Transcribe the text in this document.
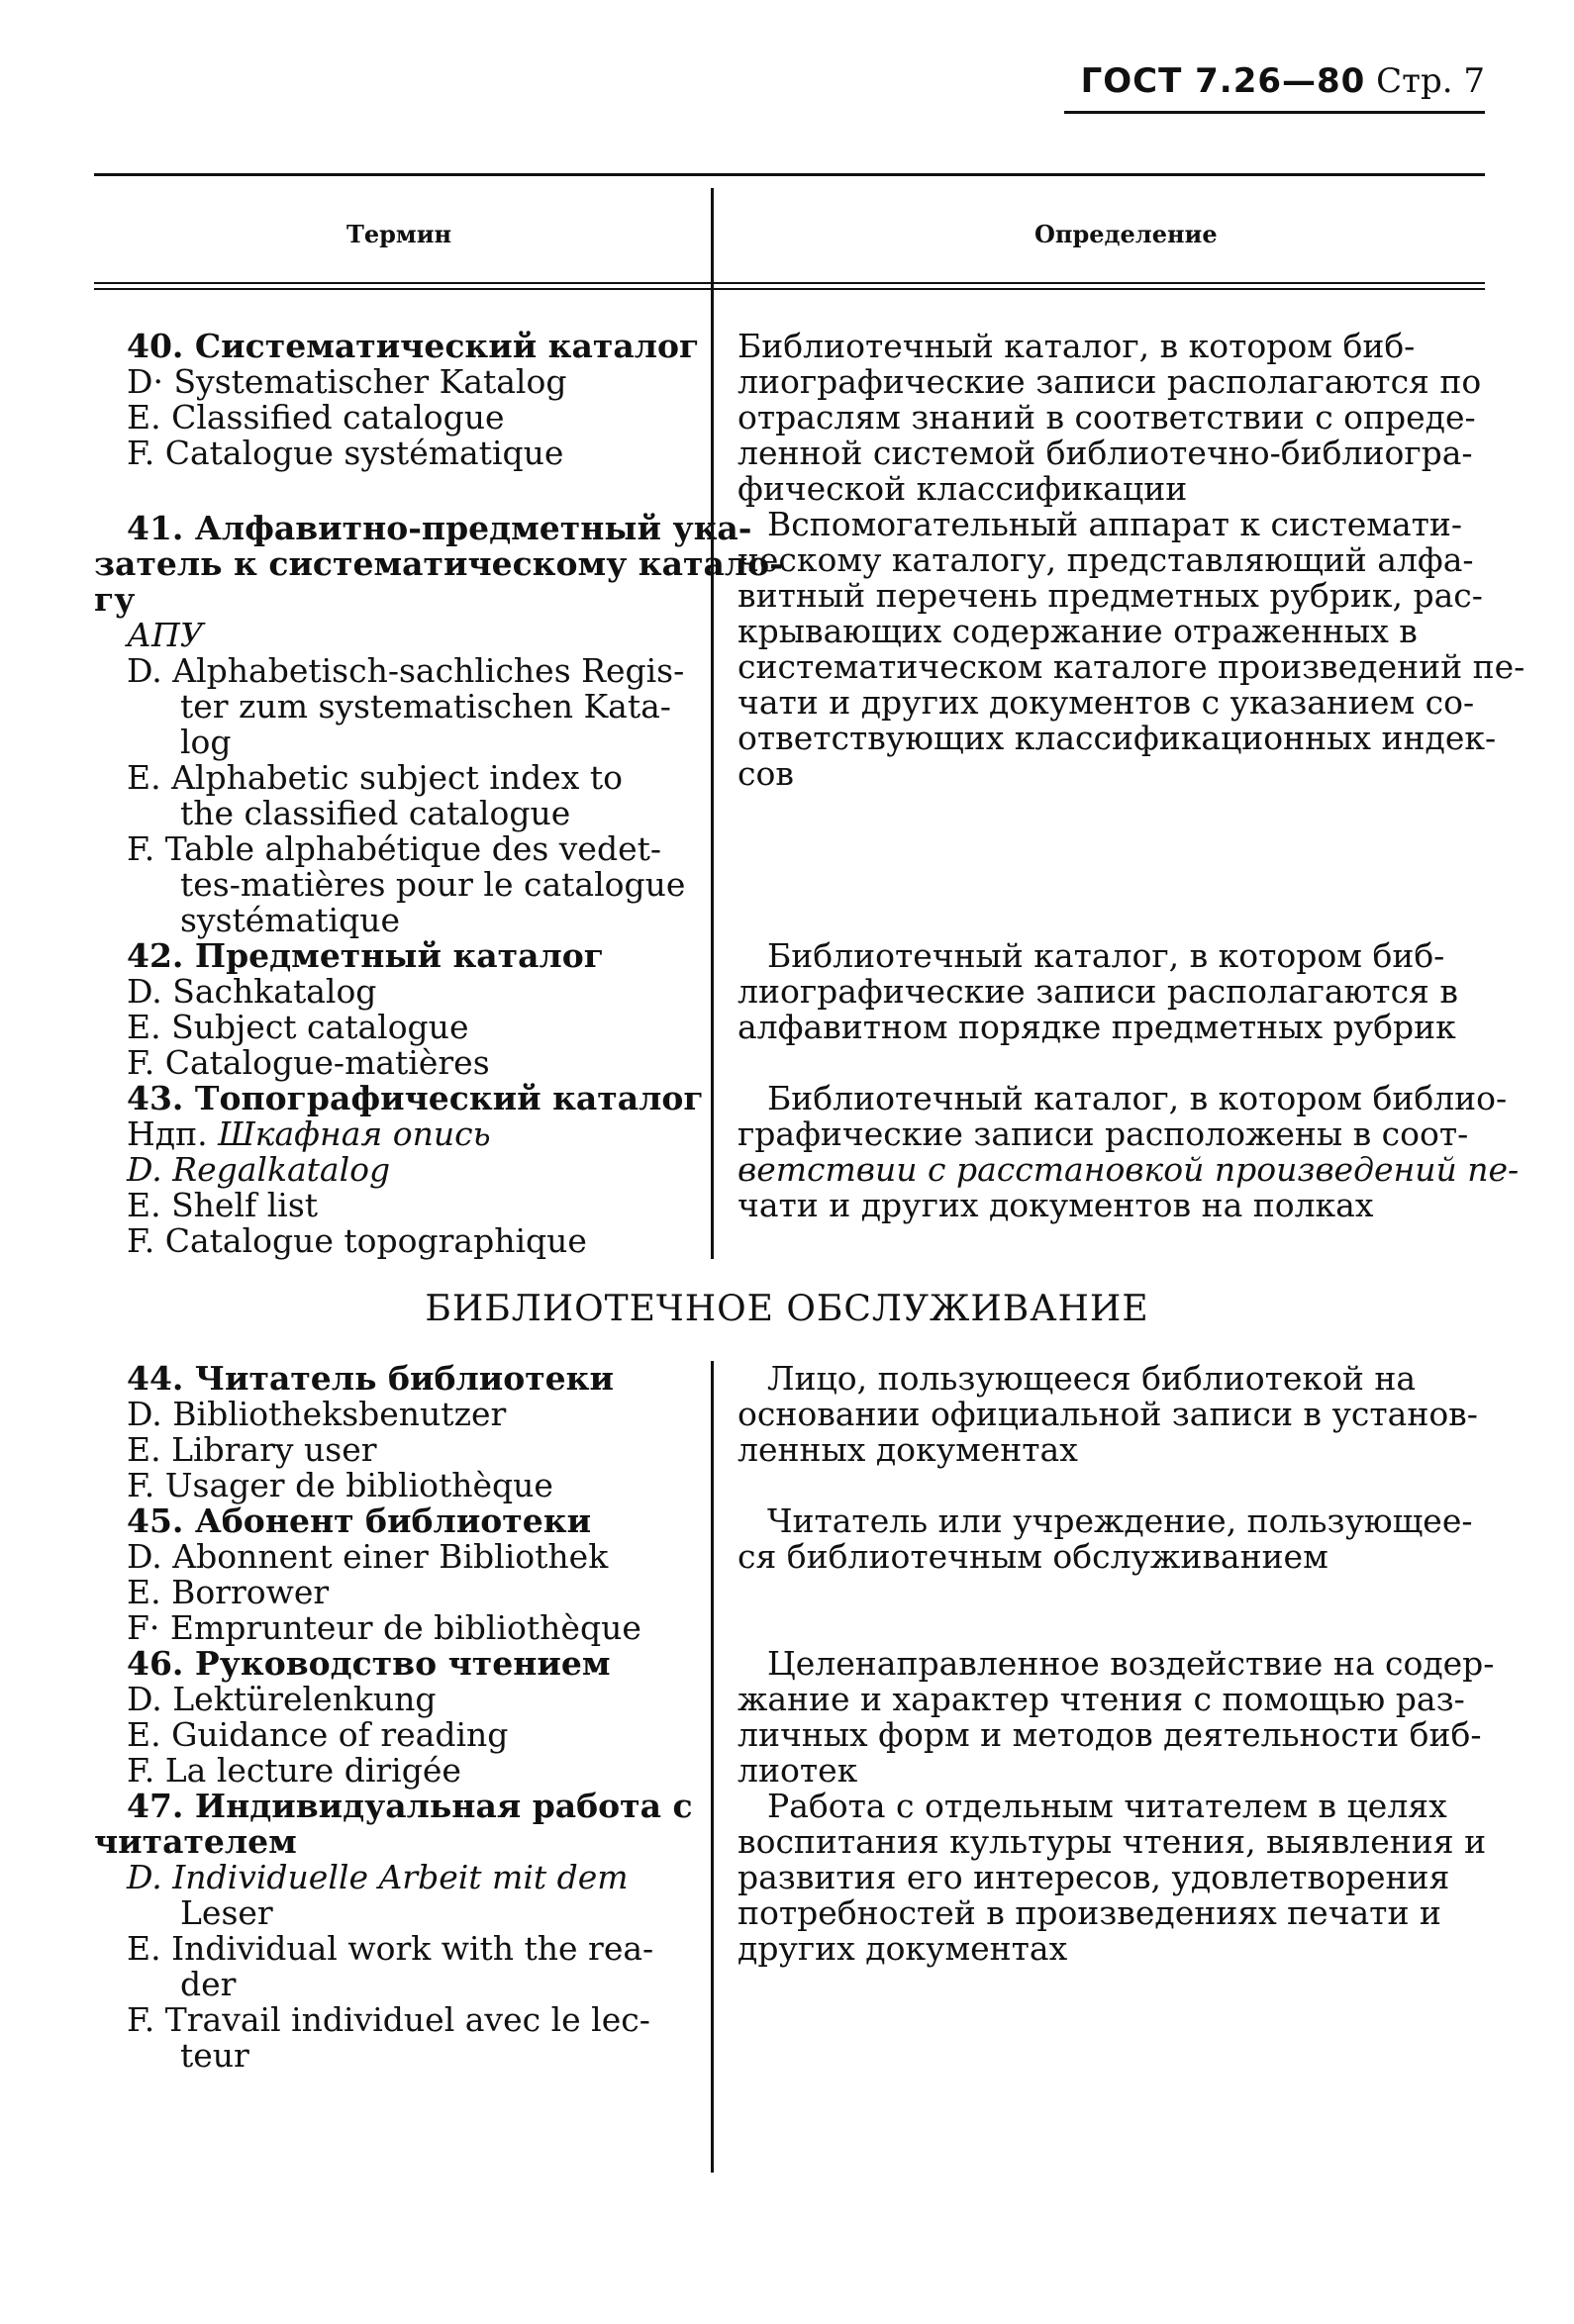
ГОСТ 7.26—80 Стр. 7
Термин	Определение
40. Систематический каталог
D· Systematischer Katalog
E. Classified catalogue
F. Catalogue systématique
41. Алфавитно-предметный ука-
затель к систематическому катало-
гу
АПУ
D. Alphabetisch-sachliches Regis-
ter zum systematischen Kata-
log
E. Alphabetic subject index to
the classified catalogue
F. Table alphabétique des vedet-
tes-matières pour le catalogue
systématique
42. Предметный каталог
D. Sachkatalog
E. Subject catalogue
F. Catalogue-matières
43. Топографический каталог
Ндп. Шкафная опись
D. Regalkatalog
E. Shelf list
F. Catalogue topographique
Библиотечный каталог, в котором биб-
лиографические записи располагаются по
отраслям знаний в соответствии с опреде-
ленной системой библиотечно-библиогра-
фической классификации
Вспомогательный аппарат к системати-
ческому каталогу, представляющий алфа-
витный перечень предметных рубрик, рас-
крывающих содержание отраженных в
систематическом каталоге произведений пе-
чати и других документов с указанием со-
ответствующих классификационных индек-
сов
Библиотечный каталог, в котором биб-
лиографические записи располагаются в
алфавитном порядке предметных рубрик
Библиотечный каталог, в котором библио-
графические записи расположены в соот-
ветствии с расстановкой произведений пе-
чати и других документов на полках
БИБЛИОТЕЧНОЕ ОБСЛУЖИВАНИЕ
44. Читатель библиотеки
D. Bibliotheksbenutzer
E. Library user
F. Usager de bibliothèque
45. Абонент библиотеки
D. Abonnent einer Bibliothek
E. Borrower
F· Emprunteur de bibliothèque
46. Руководство чтением
D. Lektürelenkung
E. Guidance of reading
F. La lecture dirigée
47. Индивидуальная работа с
читателем
D. Individuelle Arbeit mit dem
Leser
E. Individual work with the rea-
der
F. Travail individuel avec le lec-
teur
Лицо, пользующееся библиотекой на
основании официальной записи в установ-
ленных документах
Читатель или учреждение, пользующее-
ся библиотечным обслуживанием
Целенаправленное воздействие на содер-
жание и характер чтения с помощью раз-
личных форм и методов деятельности биб-
лиотек
Работа с отдельным читателем в целях
воспитания культуры чтения, выявления и
развития его интересов, удовлетворения
потребностей в произведениях печати и
других документах
